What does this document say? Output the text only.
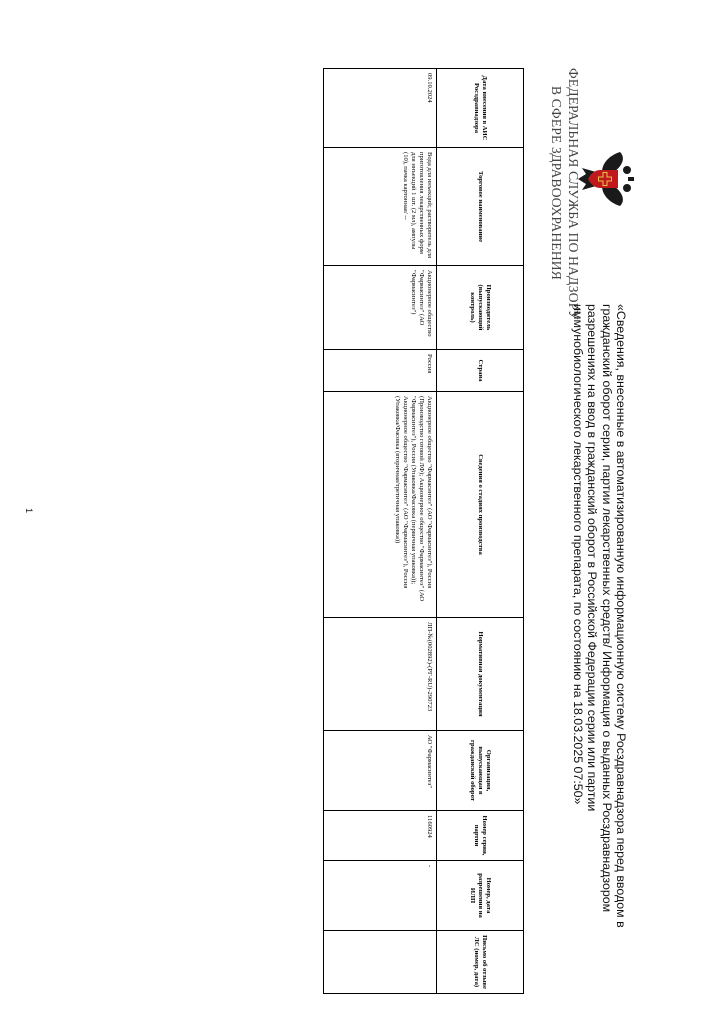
ФЕДЕРАЛЬНАЯ СЛУЖБА ПО НАДЗОРУ
В СФЕРЕ ЗДРАВООХРАНЕНИЯ
«Сведения, внесенные в автоматизированную информационную систему Росздравнадзора перед вводом в гражданский оборот серии, партии лекарственных средств/ Информация о выданных Росздравнадзором разрешениях на ввод в гражданский оборот в Российской Федерации серии или партии иммунобиологического лекарственного препарата, по состоянию на 18.03.2025 07:50»
Дата внесения в АИС Росздравнадзора	Торговое наименование	Производитель (выпускающий контроль)	Страна	Сведения о стадиях производства	Нормативная документация	Организация, выпускающая в гражданский оборот	Номер серии, партии	Номер, дата разрешения на ИЛП	Письмо об отзыве ЛС (номер, дата)
09.10.2024	Вода для инъекций; растворитель для приготовления лекарственных форм для инъекций 1 шт. (2 мл), ампулы (10), пачка картонная/ --	Акционерное общество "Фармасинтез" (АО "Фармасинтез")	Россия	Акционерное общество "Фармасинтез" (АО "Фармасинтез"), Россия (Производство готовой ЛФ); Акционерное общество "Фармасинтез" (АО "Фармасинтез"), Россия (Упаковка/Фасовка (первичная упаковка)); Акционерное общество "Фармасинтез" (АО "Фармасинтез"), Россия (Упаковка/Фасовка (вторичная/третичная упаковка))	ЛП-№(002892)-(РГ-RU)-290723	АО "Фармасинтез"	1160924	-	
1
